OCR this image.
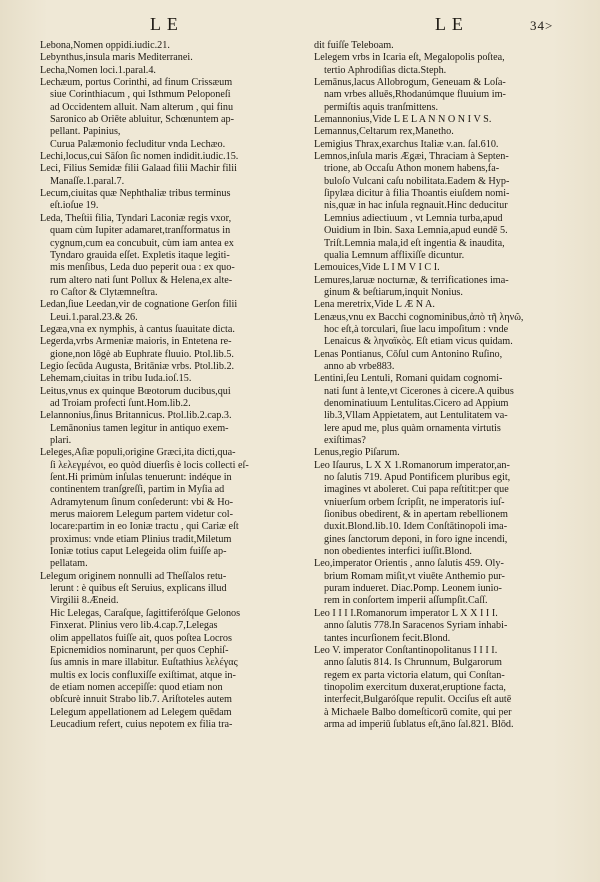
L E	L E	34>

Lebona,Nomen oppidi.iudic.21.

Lebynthus,insula maris Mediterranei.

Lecha,Nomen loci.1.paral.4.

Lechæum, portus Corinthi, ad finum Crissæum

siue Corinthiacum , qui Isthmum Peloponeſi

ad Occidentem alluit. Nam alterum , qui finu

Saronico ab Oriēte abluitur, Schœnuntem ap-

pellant. Papinius,

Curua Palæmonio fecluditur vnda Lechæo.

Lechi,locus,cui Sāſon ſic nomen indidit.iudic.15.

Leci, Filius Semidæ filii Galaad filii Machir filii

Manaſſe.1.paral.7.

Lecum,ciuitas quæ Nephthaliæ tribus terminus

eſt.ioſue 19.

Leda, Theſtii filia, Tyndari Laconiæ regis vxor,

quam cùm Iupiter adamaret,tranſformatus in

cygnum,cum ea concubuit, cùm iam antea ex

Tyndaro grauida eſſet. Expletis itaque legiti-

mis menſibus, Leda duo peperit oua : ex quo-

rum altero nati ſunt Pollux & Helena,ex alte-

ro Caſtor & Clytæmneſtra.

Ledan,ſiue Leedan,vir de cognatione Gerſon filii

Leui.1.paral.23.& 26.

Legæa,vna ex nymphis, à cantus ſuauitate dicta.

Legerda,vrbs Armeniæ maioris, in Entetena re-

gione,non lōgè ab Euphrate fluuio. Ptol.lib.5.

Legio ſecūda Augusta, Britāniæ vrbs. Ptol.lib.2.

Lehemam,ciuitas in tribu Iuda.ioſ.15.

Leitus,vnus ex quinque Bœotorum ducibus,qui

ad Troiam profecti ſunt.Hom.lib.2.

Lelannonius,ſinus Britannicus. Ptol.lib.2.cap.3.

Lemānonius tamen legitur in antiquo exem-

plari.

Leleges,Aſiæ populi,origine Græci,ita dicti,qua-

ſi λελεγμένοι, eo quòd diuerſis è locis collecti eſ-

ſent.Hi primùm inſulas tenuerunt: indéque in

continentem tranſgreſſi, partim in Myſia ad

Adramytenum ſinum conſederunt: vbi & Ho-

merus maiorem Lelegum partem videtur col-

locare:partim in eo Ioniæ tractu , qui Cariæ eſt

proximus: vnde etiam Plinius tradit,Miletum

Ioniæ totius caput Lelegeida olim fuiſſe ap-

pellatam.

Lelegum originem nonnulli ad Theſſalos retu-

lerunt : è quibus eſt Seruius, explicans illud

Virgilii 8.Æneid.

Hic Lelegas, Caraſque, ſagittiferóſque Gelonos

Finxerat. Plinius vero lib.4.cap.7,Lelegas

olim appellatos fuiſſe ait, quos poſtea Locros

Epicnemidios nominarunt, per quos Cephiſ-

ſus amnis in mare illabitur. Euſtathius λελέγας

multis ex locis confluxiſſe exiſtimat, atque in-

de etiam nomen accepiſſe: quod etiam non

obſcurè innuit Strabo lib.7. Ariſtoteles autem

Lelegum appellationem ad Lelegem quēdam

Leucadium refert, cuius nepotem ex filia tra-

dit fuiſſe Teleboam.

Lelegem vrbs in Icaria eſt, Megalopolis poſtea,

tertio Aphrodiſias dicta.Steph.

Lemānus,lacus Allobrogum, Geneuam & Loſa-

nam vrbes alluēs,Rhodanúmque fluuium im-

permiſtis aquis tranſmittens.

Lemannonius,Vide L E L A N N O N I V S.

Lemannus,Celtarum rex,Manetho.

Lemigius Thrax,exarchus Italiæ v.an. ſal.610.

Lemnos,inſula maris Ægæi, Thraciam à Septen-

trione, ab Occaſu Athon monem habens,fa-

buloſo Vulcani caſu nobilitata.Eadem & Hyp-

ſipylæa dicitur à filia Thoantis eiuſdem nomi-

nis,quæ in hac inſula regnauit.Hinc deducitur

Lemnius adiectiuum , vt Lemnia turba,apud

Ouidium in Ibin. Saxa Lemnia,apud eundē 5.

Triſt.Lemnia mala,id eſt ingentia & inaudita,

qualia Lemnum afflixiſſe dicuntur.

Lemouices,Vide L I M V I C I.

Lemures,laruæ nocturnæ, & terrificationes ima-

ginum & beſtiarum,inquit Nonius.

Lena meretrix,Vide L Æ N A.

Lenæus,vnu ex Bacchi cognominibus,ἀπὸ τῆ ληνῶ,

hoc eſt,à torculari, ſiue lacu impoſitum : vnde

Lenaicus & ληναϊκὸς. Eſt etiam vicus quidam.

Lenas Pontianus, Cōſul cum Antonino Ruſino,

anno ab vrbe883.

Lentini,ſeu Lentuli, Romani quidam cognomi-

nati ſunt à lente,vt Cicerones à cicere.A quibus

denominatiuum Lentulitas.Cicero ad Appium

lib.3,Vllam Appietatem, aut Lentulitatem va-

lere apud me, plus quàm ornamenta virtutis

exiſtimas?

Lenus,regio Piſarum.

Leo Iſaurus, L X X 1.Romanorum imperator,an-

no ſalutis 719. Apud Pontificem pluribus egit,

imagines vt aboleret. Cui papa reſtitit:per que

vniuerſum orbem ſcripſit, ne imperatoris iuſ-

ſionibus obedirent, & in apertam rebellionem

duxit.Blond.lib.10. Idem Conſtātinopoli ima-

gines ſanctorum deponi, in foro igne incendi,

non obedientes interfici iuſſit.Blond.

Leo,imperator Orientis , anno ſalutis 459. Oly-

brium Romam miſit,vt viuēte Anthemio pur-

puram indueret. Diac.Pomp. Leonem iunio-

rem in conſortem imperii aſſumpſit.Caſſ.

Leo I I I I.Romanorum imperator L X X I I I.

anno ſalutis 778.In Saracenos Syriam inhabi-

tantes incurſionem fecit.Blond.

Leo V. imperator Conſtantinopolitanus I I I I.

anno ſalutis 814. Is Chrunnum, Bulgarorum

regem ex parta victoria elatum, qui Conſtan-

tinopolim exercitum duxerat,eruptione facta,

interfecit,Bulgaróſque repulit. Occiſus eſt autē

à Michaele Balbo domeſticorū comite, qui per

arma ad imperiū ſublatus eſt,āno ſal.821. Blōd.
